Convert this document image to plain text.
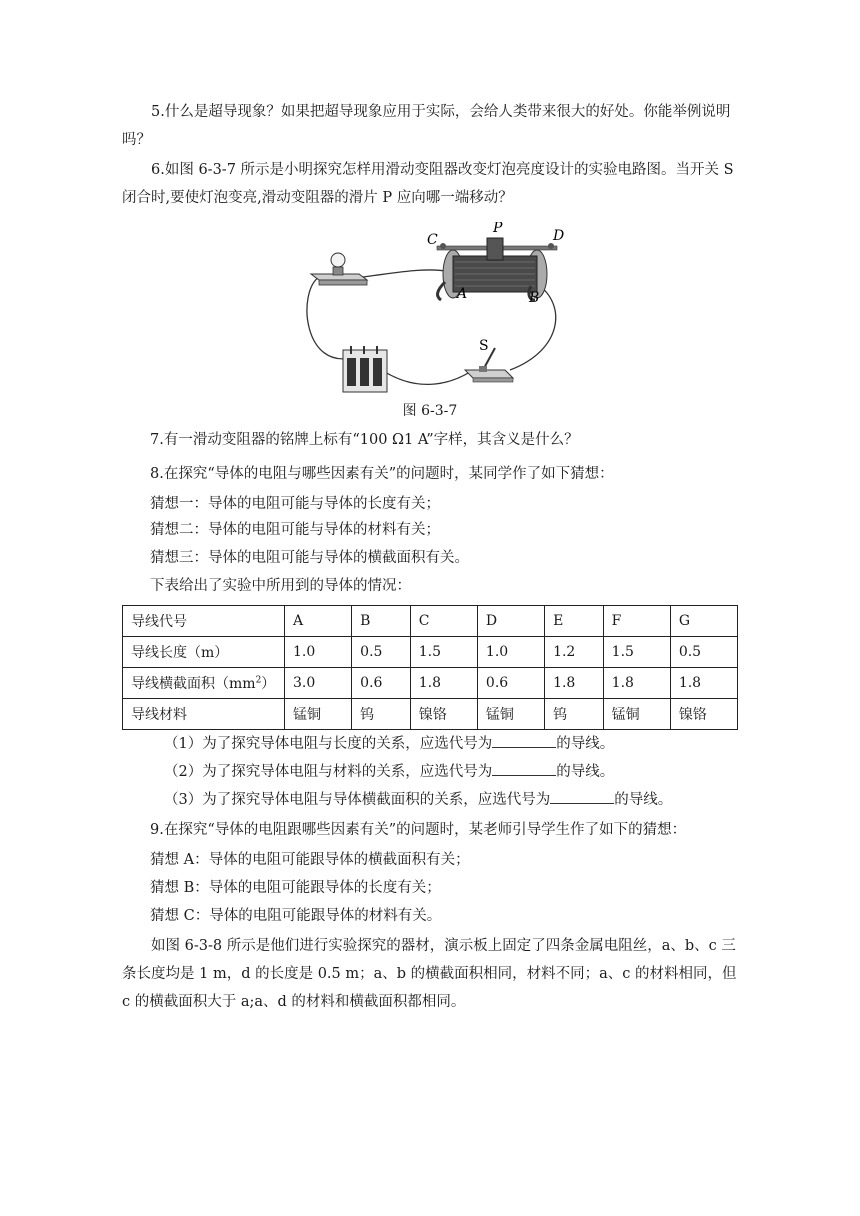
5.什么是超导现象？如果把超导现象应用于实际，会给人类带来很大的好处。你能举例说明吗？

6.如图 6-3-7 所示是小明探究怎样用滑动变阻器改变灯泡亮度设计的实验电路图。当开关 S 闭合时,要使灯泡变亮,滑动变阻器的滑片 P 应向哪一端移动？

C
P	D
A	B
S
图 6-3-7

7.有一滑动变阻器的铭牌上标有“100 Ω1 A”字样，其含义是什么？

8.在探究“导体的电阻与哪些因素有关”的问题时，某同学作了如下猜想：

猜想一：导体的电阻可能与导体的长度有关；

猜想二：导体的电阻可能与导体的材料有关；

猜想三：导体的电阻可能与导体的横截面积有关。

下表给出了实验中所用到的导体的情况：

导线代号	A	B	C	D	E	F	G
导线长度（m）	1.0	0.5	1.5	1.0	1.2	1.5	0.5
导线横截面积$(mm^2)$	3.0	0.6	1.8	0.6	1.8	1.8	1.8
导线材料	锰铜	钨	镍铬	锰铜	钨	锰铜	镍铬

（1）为了探究导体电阻与长度的关系，应选代号为	的导线。

（2）为了探究导体电阻与材料的关系，应选代号为	的导线。

（3）为了探究导体电阻与导体横截面积的关系，应选代号为	的导线。

9.在探究“导体的电阻跟哪些因素有关”的问题时，某老师引导学生作了如下的猜想：

猜想 A：导体的电阻可能跟导体的横截面积有关；

猜想 B：导体的电阻可能跟导体的长度有关；

猜想 C：导体的电阻可能跟导体的材料有关。

如图 6-3-8 所示是他们进行实验探究的器材，演示板上固定了四条金属电阻丝，a、b、c 三条长度均是 1 m，d 的长度是 0.5 m；a、b 的横截面积相同，材料不同；a、c 的材料相同，但 c 的横截面积大于 a;a、d 的材料和横截面积都相同。
